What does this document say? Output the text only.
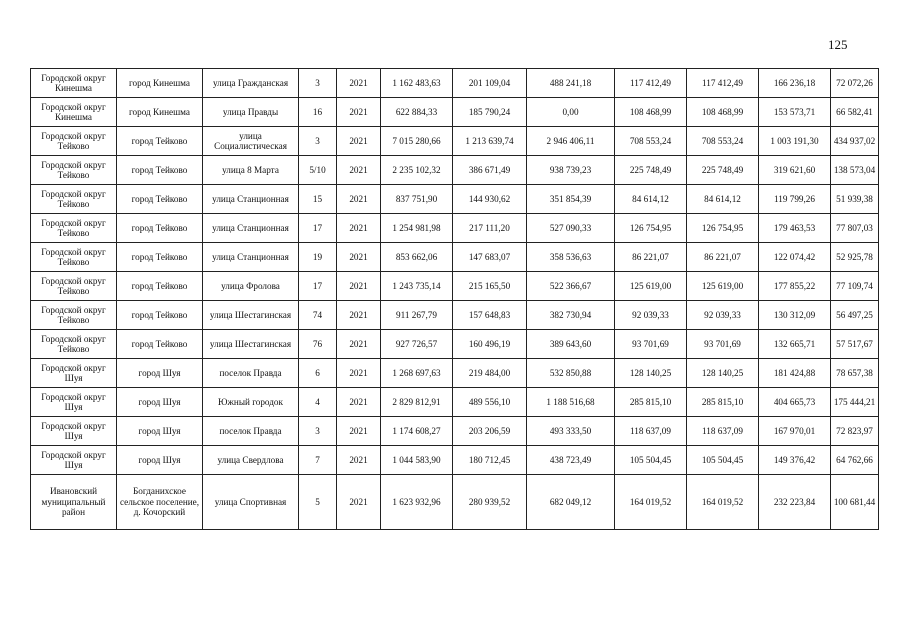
125
Городской округ Кинешма	город Кинешма	улица Гражданская	3	2021	1 162 483,63	201 109,04	488 241,18	117 412,49	117 412,49	166 236,18	72 072,26
Городской округ Кинешма	город Кинешма	улица Правды	16	2021	622 884,33	185 790,24	0,00	108 468,99	108 468,99	153 573,71	66 582,41
Городской округ Тейково	город Тейково	улица Социалистическая	3	2021	7 015 280,66	1 213 639,74	2 946 406,11	708 553,24	708 553,24	1 003 191,30	434 937,02
Городской округ Тейково	город Тейково	улица 8 Марта	5/10	2021	2 235 102,32	386 671,49	938 739,23	225 748,49	225 748,49	319 621,60	138 573,04
Городской округ Тейково	город Тейково	улица Станционная	15	2021	837 751,90	144 930,62	351 854,39	84 614,12	84 614,12	119 799,26	51 939,38
Городской округ Тейково	город Тейково	улица Станционная	17	2021	1 254 981,98	217 111,20	527 090,33	126 754,95	126 754,95	179 463,53	77 807,03
Городской округ Тейково	город Тейково	улица Станционная	19	2021	853 662,06	147 683,07	358 536,63	86 221,07	86 221,07	122 074,42	52 925,78
Городской округ Тейково	город Тейково	улица Фролова	17	2021	1 243 735,14	215 165,50	522 366,67	125 619,00	125 619,00	177 855,22	77 109,74
Городской округ Тейково	город Тейково	улица Шестагинская	74	2021	911 267,79	157 648,83	382 730,94	92 039,33	92 039,33	130 312,09	56 497,25
Городской округ Тейково	город Тейково	улица Шестагинская	76	2021	927 726,57	160 496,19	389 643,60	93 701,69	93 701,69	132 665,71	57 517,67
Городской округ Шуя	город Шуя	поселок Правда	6	2021	1 268 697,63	219 484,00	532 850,88	128 140,25	128 140,25	181 424,88	78 657,38
Городской округ Шуя	город Шуя	Южный городок	4	2021	2 829 812,91	489 556,10	1 188 516,68	285 815,10	285 815,10	404 665,73	175 444,21
Городской округ Шуя	город Шуя	поселок Правда	3	2021	1 174 608,27	203 206,59	493 333,50	118 637,09	118 637,09	167 970,01	72 823,97
Городской округ Шуя	город Шуя	улица Свердлова	7	2021	1 044 583,90	180 712,45	438 723,49	105 504,45	105 504,45	149 376,42	64 762,66
Ивановский муниципальный район	Богданихское сельское поселение, д. Кочорский	улица Спортивная	5	2021	1 623 932,96	280 939,52	682 049,12	164 019,52	164 019,52	232 223,84	100 681,44
